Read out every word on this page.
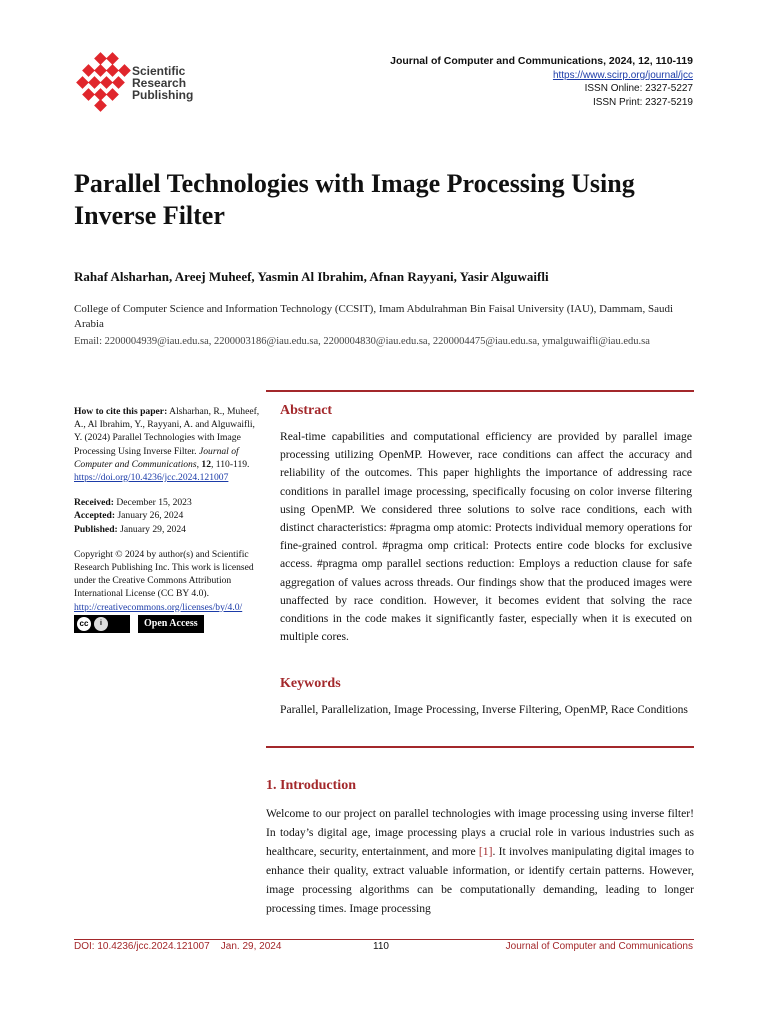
Scientific
Research
Publishing
Journal of Computer and Communications, 2024, 12, 110-119
https://www.scirp.org/journal/jcc
ISSN Online: 2327-5227
ISSN Print: 2327-5219
Parallel Technologies with Image Processing Using Inverse Filter
Rahaf Alsharhan, Areej Muheef, Yasmin Al Ibrahim, Afnan Rayyani, Yasir Alguwaifli
College of Computer Science and Information Technology (CCSIT), Imam Abdulrahman Bin Faisal University (IAU), Dammam, Saudi Arabia
Email: 2200004939@iau.edu.sa, 2200003186@iau.edu.sa, 2200004830@iau.edu.sa, 2200004475@iau.edu.sa, ymalguwaifli@iau.edu.sa
How to cite this paper: Alsharhan, R., Muheef, A., Al Ibrahim, Y., Rayyani, A. and Alguwaifli, Y. (2024) Parallel Technologies with Image Processing Using Inverse Filter. Journal of Computer and Communications, 12, 110-119.
https://doi.org/10.4236/jcc.2024.121007
Received: December 15, 2023
Accepted: January 26, 2024
Published: January 29, 2024
Copyright © 2024 by author(s) and Scientific Research Publishing Inc. This work is licensed under the Creative Commons Attribution International License (CC BY 4.0).
http://creativecommons.org/licenses/by/4.0/
cc	i	Open Access
Abstract
Real-time capabilities and computational efficiency are provided by parallel image processing utilizing OpenMP. However, race conditions can affect the accuracy and reliability of the outcomes. This paper highlights the importance of addressing race conditions in parallel image processing, specifically focusing on color inverse filtering using OpenMP. We considered three solutions to solve race conditions, each with distinct characteristics: #pragma omp atomic: Protects individual memory operations for fine-grained control. #pragma omp critical: Protects entire code blocks for exclusive access. #pragma omp parallel sections reduction: Employs a reduction clause for safe aggregation of values across threads. Our findings show that the produced images were unaffected by race condition. However, it becomes evident that solving the race conditions in the code makes it significantly faster, especially when it is executed on multiple cores.
Keywords
Parallel, Parallelization, Image Processing, Inverse Filtering, OpenMP, Race Conditions
1. Introduction
Welcome to our project on parallel technologies with image processing using inverse filter! In today’s digital age, image processing plays a crucial role in various industries such as healthcare, security, entertainment, and more [1]. It involves manipulating digital images to enhance their quality, extract valuable information, or identify certain patterns. However, image processing algorithms can be computationally demanding, leading to longer processing times. Image processing
DOI: 10.4236/jcc.2024.121007 Jan. 29, 2024	110	Journal of Computer and Communications
